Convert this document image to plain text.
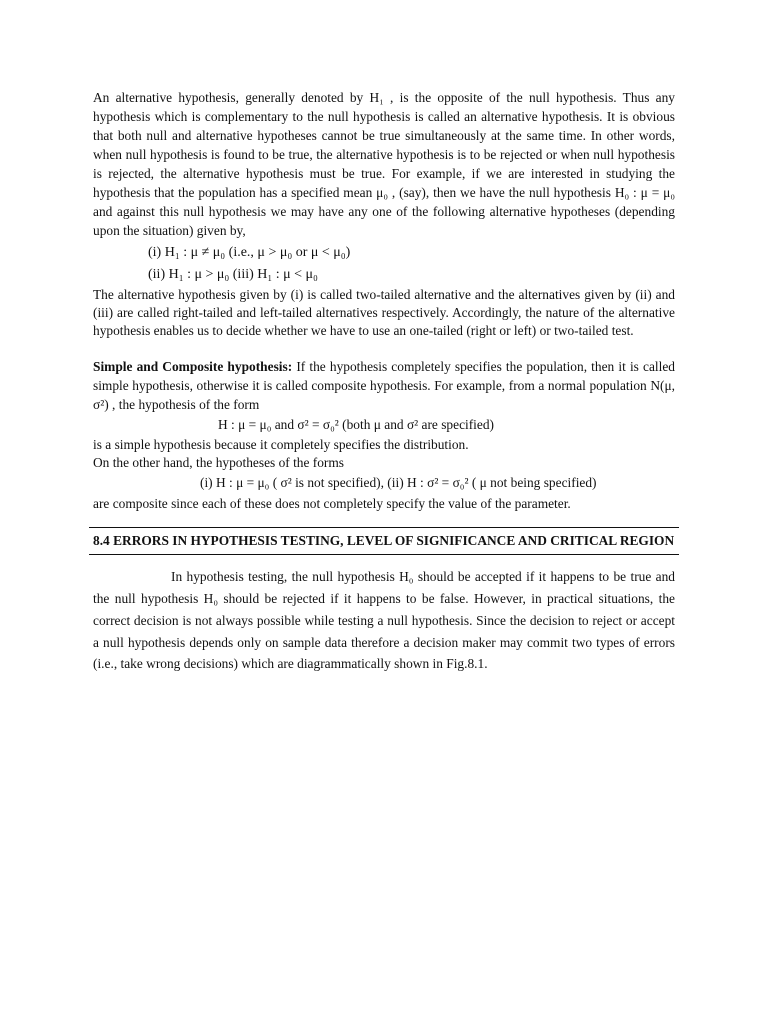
An alternative hypothesis, generally denoted by H₁ , is the opposite of the null hypothesis. Thus any hypothesis which is complementary to the null hypothesis is called an alternative hypothesis. It is obvious that both null and alternative hypotheses cannot be true simultaneously at the same time. In other words, when null hypothesis is found to be true, the alternative hypothesis is to be rejected or when null hypothesis is rejected, the alternative hypothesis must be true. For example, if we are interested in studying the hypothesis that the population has a specified mean μ₀ , (say), then we have the null hypothesis H₀ : μ = μ₀ and against this null hypothesis we may have any one of the following alternative hypotheses (depending upon the situation) given by,

(i) H₁ : μ ≠ μ₀ (i.e., μ > μ₀ or μ < μ₀)
(ii) H₁ : μ > μ₀ (iii) H₁ : μ < μ₀

The alternative hypothesis given by (i) is called two-tailed alternative and the alternatives given by (ii) and (iii) are called right-tailed and left-tailed alternatives respectively. Accordingly, the nature of the alternative hypothesis enables us to decide whether we have to use an one-tailed (right or left) or two-tailed test.

Simple and Composite hypothesis: If the hypothesis completely specifies the population, then it is called simple hypothesis, otherwise it is called composite hypothesis. For example, from a normal population N(μ, σ²) , the hypothesis of the form

H : μ = μ₀ and σ² = σ₀² (both μ and σ² are specified)

is a simple hypothesis because it completely specifies the distribution.

On the other hand, the hypotheses of the forms

(i) H : μ = μ₀ ( σ² is not specified), (ii) H : σ² = σ₀² ( μ not being specified)

are composite since each of these does not completely specify the value of the parameter.

8.4 ERRORS IN HYPOTHESIS TESTING, LEVEL OF SIGNIFICANCE AND CRITICAL REGION

In hypothesis testing, the null hypothesis H₀ should be accepted if it happens to be true and the null hypothesis H₀ should be rejected if it happens to be false. However, in practical situations, the correct decision is not always possible while testing a null hypothesis. Since the decision to reject or accept a null hypothesis depends only on sample data therefore a decision maker may commit two types of errors (i.e., take wrong decisions) which are diagrammatically shown in Fig.8.1.
